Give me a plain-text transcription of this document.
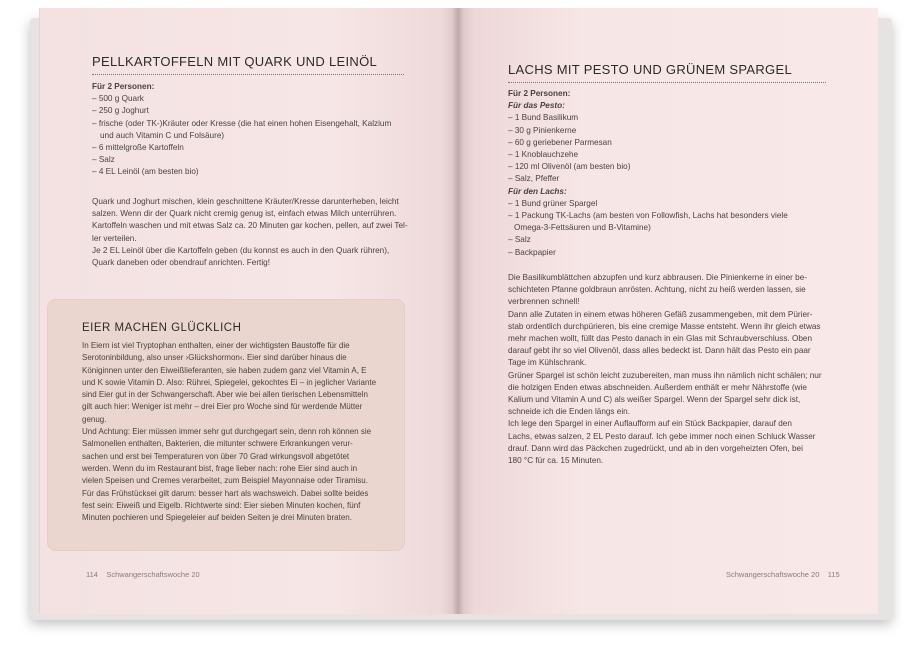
PELLKARTOFFELN MIT QUARK UND LEINÖL
Für 2 Personen:
– 500 g Quark
– 250 g Joghurt
– frische (oder TK-)Kräuter oder Kresse (die hat einen hohen Eisengehalt, Kalzium
und auch Vitamin C und Folsäure)
– 6 mittelgroße Kartoffeln
– Salz
– 4 EL Leinöl (am besten bio)
Quark und Joghurt mischen, klein geschnittene Kräuter/Kresse darunterheben, leicht
salzen. Wenn dir der Quark nicht cremig genug ist, einfach etwas Milch unterrühren.
Kartoffeln waschen und mit etwas Salz ca. 20 Minuten gar kochen, pellen, auf zwei Tel-
ler verteilen.
Je 2 EL Leinöl über die Kartoffeln geben (du konnst es auch in den Quark rühren),
Quark daneben oder obendrauf anrichten. Fertig!
EIER MACHEN GLÜCKLICH
In Eiern ist viel Tryptophan enthalten, einer der wichtigsten Baustoffe für die
Serotoninbildung, also unser ›Glückshormon‹. Eier sind darüber hinaus die
Königinnen unter den Eiweißlieferanten, sie haben zudem ganz viel Vitamin A, E
und K sowie Vitamin D. Also: Rührei, Spiegelei, gekochtes Ei – in jeglicher Variante
sind Eier gut in der Schwangerschaft. Aber wie bei allen tierischen Lebensmitteln
gilt auch hier: Weniger ist mehr – drei Eier pro Woche sind für werdende Mütter
genug.
Und Achtung: Eier müssen immer sehr gut durchgegart sein, denn roh können sie
Salmonellen enthalten, Bakterien, die mitunter schwere Erkrankungen verur-
sachen und erst bei Temperaturen von über 70 Grad wirkungsvoll abgetötet
werden. Wenn du im Restaurant bist, frage lieber nach: rohe Eier sind auch in
vielen Speisen und Cremes verarbeitet, zum Beispiel Mayonnaise oder Tiramisu.
Für das Frühstücksei gilt darum: besser hart als wachsweich. Dabei sollte beides
fest sein: Eiweiß und Eigelb. Richtwerte sind: Eier sieben Minuten kochen, fünf
Minuten pochieren und Spiegeleier auf beiden Seiten je drei Minuten braten.
114 Schwangerschaftswoche 20
LACHS MIT PESTO UND GRÜNEM SPARGEL
Für 2 Personen:
Für das Pesto:
– 1 Bund Basilikum
– 30 g Pinienkerne
– 60 g geriebener Parmesan
– 1 Knoblauchzehe
– 120 ml Olivenöl (am besten bio)
– Salz, Pfeffer
Für den Lachs:
– 1 Bund grüner Spargel
– 1 Packung TK-Lachs (am besten von Followfish, Lachs hat besonders viele
Omega-3-Fettsäuren und B-Vitamine)
– Salz
– Backpapier
Die Basilikumblättchen abzupfen und kurz abbrausen. Die Pinienkerne in einer be-
schichteten Pfanne goldbraun anrösten. Achtung, nicht zu heiß werden lassen, sie
verbrennen schnell!
Dann alle Zutaten in einem etwas höheren Gefäß zusammengeben, mit dem Pürier-
stab ordentlich durchpürieren, bis eine cremige Masse entsteht. Wenn ihr gleich etwas
mehr machen wollt, füllt das Pesto danach in ein Glas mit Schraubverschluss. Oben
darauf gebt ihr so viel Olivenöl, dass alles bedeckt ist. Dann hält das Pesto ein paar
Tage im Kühlschrank.
Grüner Spargel ist schön leicht zuzubereiten, man muss ihn nämlich nicht schälen; nur
die holzigen Enden etwas abschneiden. Außerdem enthält er mehr Nährstoffe (wie
Kalium und Vitamin A und C) als weißer Spargel. Wenn der Spargel sehr dick ist,
schneide ich die Enden längs ein.
Ich lege den Spargel in einer Auflaufform auf ein Stück Backpapier, darauf den
Lachs, etwas salzen, 2 EL Pesto darauf. Ich gebe immer noch einen Schluck Wasser
drauf. Dann wird das Päckchen zugedrückt, und ab in den vorgeheizten Ofen, bei
180 °C für ca. 15 Minuten.
Schwangerschaftswoche 20 115
